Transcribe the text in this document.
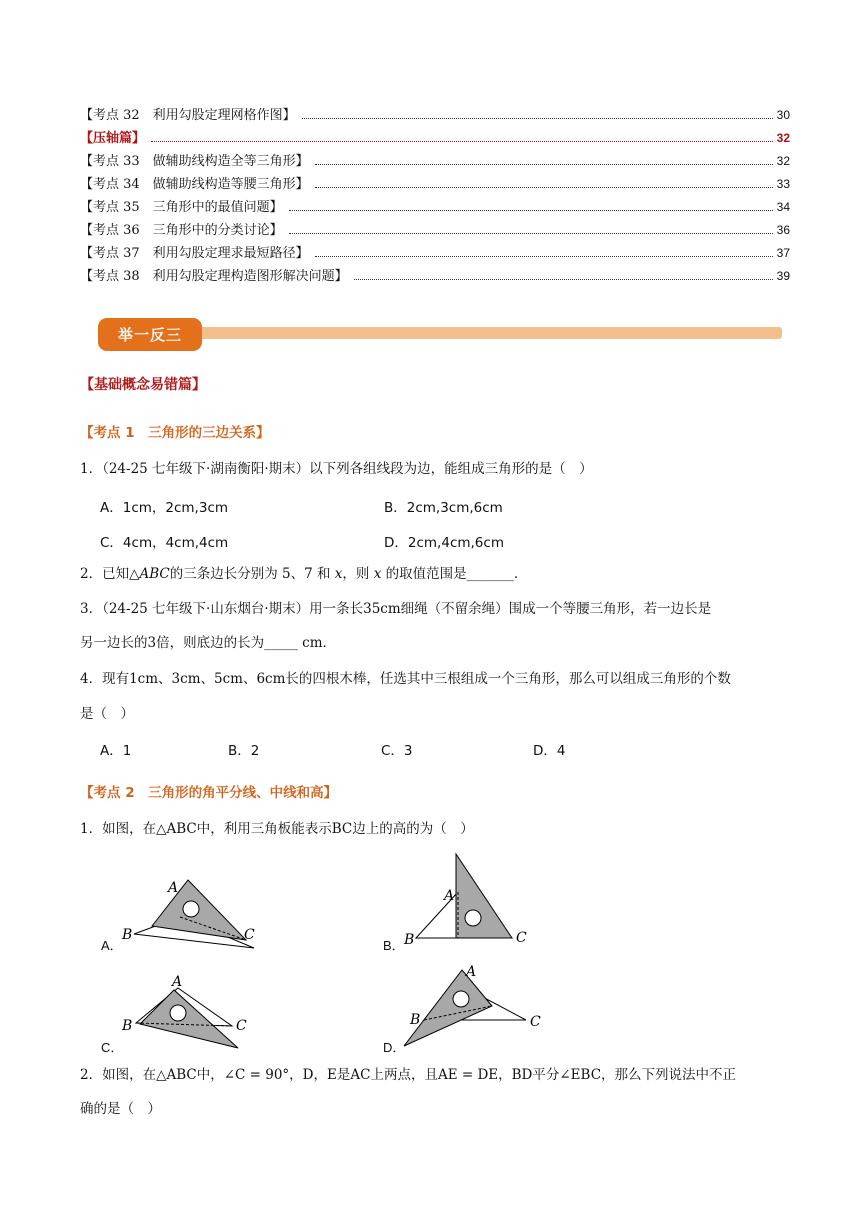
【考点 32　利用勾股定理网格作图】	30
【压轴篇】	32
【考点 33　做辅助线构造全等三角形】	32
【考点 34　做辅助线构造等腰三角形】	33
【考点 35　三角形中的最值问题】	34
【考点 36　三角形中的分类讨论】	36
【考点 37　利用勾股定理求最短路径】	37
【考点 38　利用勾股定理构造图形解决问题】	39
举一反三
【基础概念易错篇】
【考点 1　三角形的三边关系】
1．（24-25 七年级下·湖南衡阳·期末）以下列各组线段为边，能组成三角形的是（　）
A．1cm，2cm,3cm	B．2cm,3cm,6cm
C．4cm，4cm,4cm	D．2cm,4cm,6cm
2．已知△ABC的三条边长分别为 5、7 和 x，则 x 的取值范围是_______．
3．（24-25 七年级下·山东烟台·期末）用一条长35cm细绳（不留余绳）围成一个等腰三角形，若一边长是
另一边长的3倍，则底边的长为_____ cm．
4．现有1cm、3cm、5cm、6cm长的四根木棒，任选其中三根组成一个三角形，那么可以组成三角形的个数
是（　）
A．1	B．2	C．3	D．4
【考点 2　三角形的角平分线、中线和高】
1．如图，在△ABC中，利用三角板能表示BC边上的高的为（　）
A．
A
B	C
B．
A
B	C
C．
A
B	C
D．
A
B	C
2．如图，在△ABC中，∠C = 90°，D，E是AC上两点，且AE = DE，BD平分∠EBC，那么下列说法中不正
确的是（　）
